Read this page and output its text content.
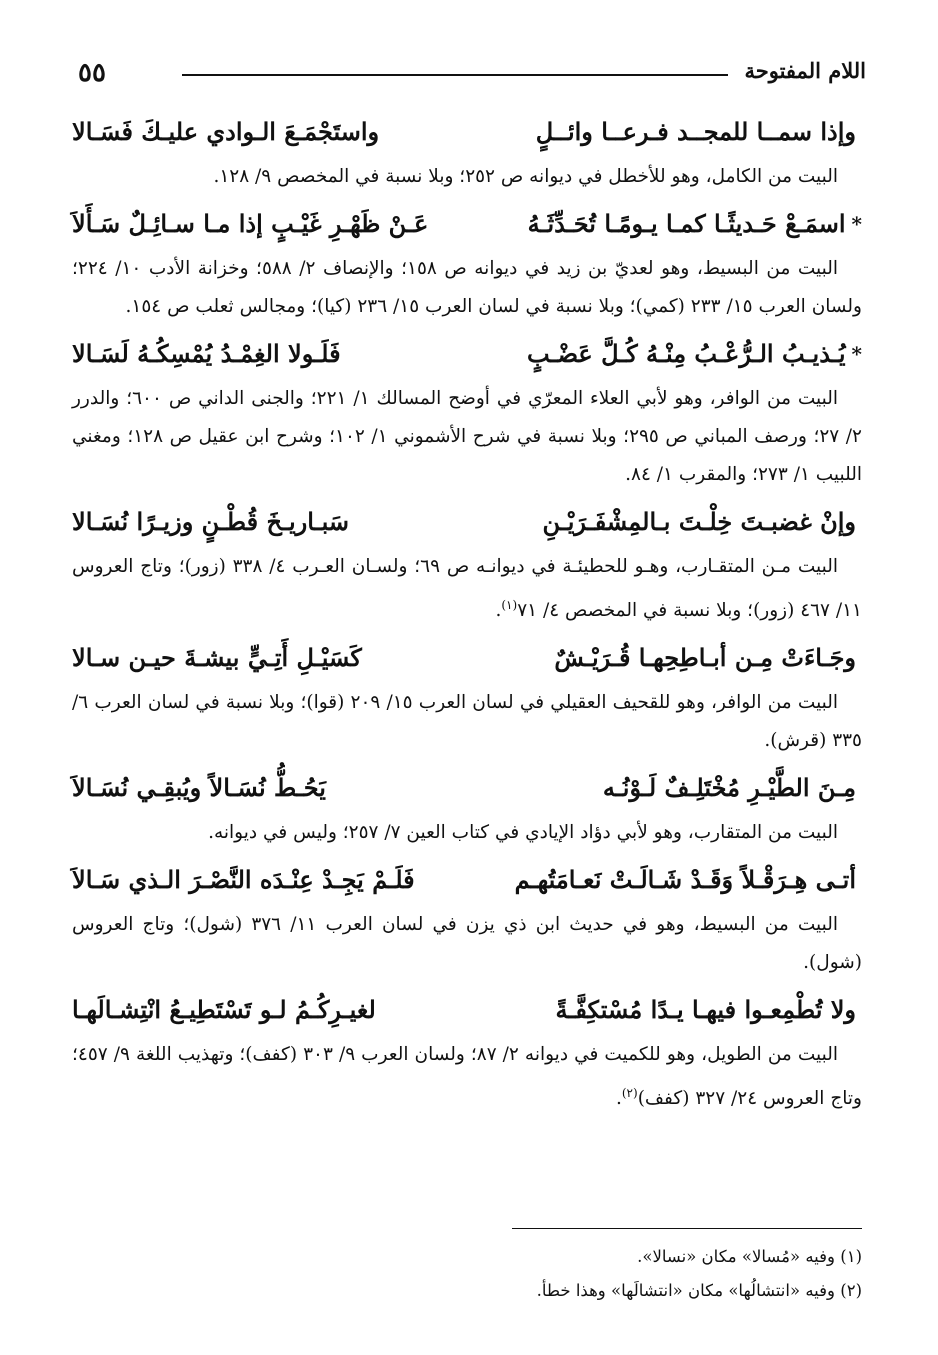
٥٥	اللام المفتوحة
وإذا سمــا للمجــد فـرعــا وائــلٍ
واستَجْمَـعَ الـوادي عليـكَ فَسَـالا

البيت من الكامل، وهو للأخطل في ديوانه ص ٢٥٢؛ وبلا نسبة في المخصص ٩/ ١٢٨.

*
اسمَـعْ حَـديثًـا كمـا يـومًـا تُحَـدِّثَـهُ
عَـنْ ظَهْـرِ غَيْـبٍ إذا مـا سـائِـلٌ سَـأَلاَ

البيت من البسيط، وهو لعديّ بن زيد في ديوانه ص ١٥٨؛ والإنصاف ٢/ ٥٨٨؛ وخزانة الأدب ١٠/ ٢٢٤؛ ولسان العرب ١٥/ ٢٣٣ (كمي)؛ وبلا نسبة في لسان العرب ١٥/ ٢٣٦ (كيا)؛ ومجالس ثعلب ص ١٥٤.

*
يُـذيـبُ الـرُّعْـبُ مِنْـهُ كُـلَّ عَضْـبٍ
فَلَـولا الغِمْـدُ يُمْسِكُـهُ لَسَـالا

البيت من الوافر، وهو لأبي العلاء المعرّي في أوضح المسالك ١/ ٢٢١؛ والجنى الداني ص ٦٠٠؛ والدرر ٢/ ٢٧؛ ورصف المباني ص ٢٩٥؛ وبلا نسبة في شرح الأشموني ١/ ١٠٢؛ وشرح ابن عقيل ص ١٢٨؛ ومغني اللبيب ١/ ٢٧٣؛ والمقرب ١/ ٨٤.

وإنْ غضبـتَ خِلْـتَ بـالمِشْفَـرَيْـنِ
سَبـاريـخَ قُطْـنٍ وزيـرًا نُسَـالا

البيت مـن المتقـارب، وهـو للحطيئـة في ديوانـه ص ٦٩؛ ولسـان العـرب ٤/ ٣٣٨ (زور)؛ وتاج العروس ١١/ ٤٦٧ (زور)؛ وبلا نسبة في المخصص ٤/ ٧١$^{(١)}$.

وجَـاءَتْ مِـن أبـاطِحِهـا قُـرَيْـشٌ
كَسَيْـلِ أَتِـيٍّ بيشـةَ حيـن سـالا

البيت من الوافر، وهو للقحيف العقيلي في لسان العرب ١٥/ ٢٠٩ (قوا)؛ وبلا نسبة في لسان العرب ٦/ ٣٣٥ (قرش).

مِـنَ الطَّيْـرِ مُخْتَلِـفٌ لَـوْنُـه
يَحُـطُّ نُسَـالاً ويُبقِـي نُسَـالاَ

البيت من المتقارب، وهو لأبي دؤاد الإيادي في كتاب العين ٧/ ٢٥٧؛ وليس في ديوانه.

أتـى هِـرَقْـلاً وَقَـدْ شَـالَـتْ نَعـامَتُهـم
فَلَـمْ يَجِـدْ عِنْـدَه النَّصْـرَ الـذي سَـالاَ

البيت من البسيط، وهو في حديث ابن ذي يزن في لسان العرب ١١/ ٣٧٦ (شول)؛ وتاج العروس (شول).

ولا تُطْمِعـوا فيهـا يـدًا مُسْتكِفَّـةً
لغيـرِكُـمُ لـو تَسْتَطِيـعُ انْتِشـالَهـا

البيت من الطويل، وهو للكميت في ديوانه ٢/ ٨٧؛ ولسان العرب ٩/ ٣٠٣ (كفف)؛ وتهذيب اللغة ٩/ ٤٥٧؛ وتاج العروس ٢٤/ ٣٢٧ (كفف)$^{(٢)}$.

(١) وفيه «مُسالا» مكان «نسالا».
(٢) وفيه «انتشالُها» مكان «انتشالَها» وهذا خطأ.
